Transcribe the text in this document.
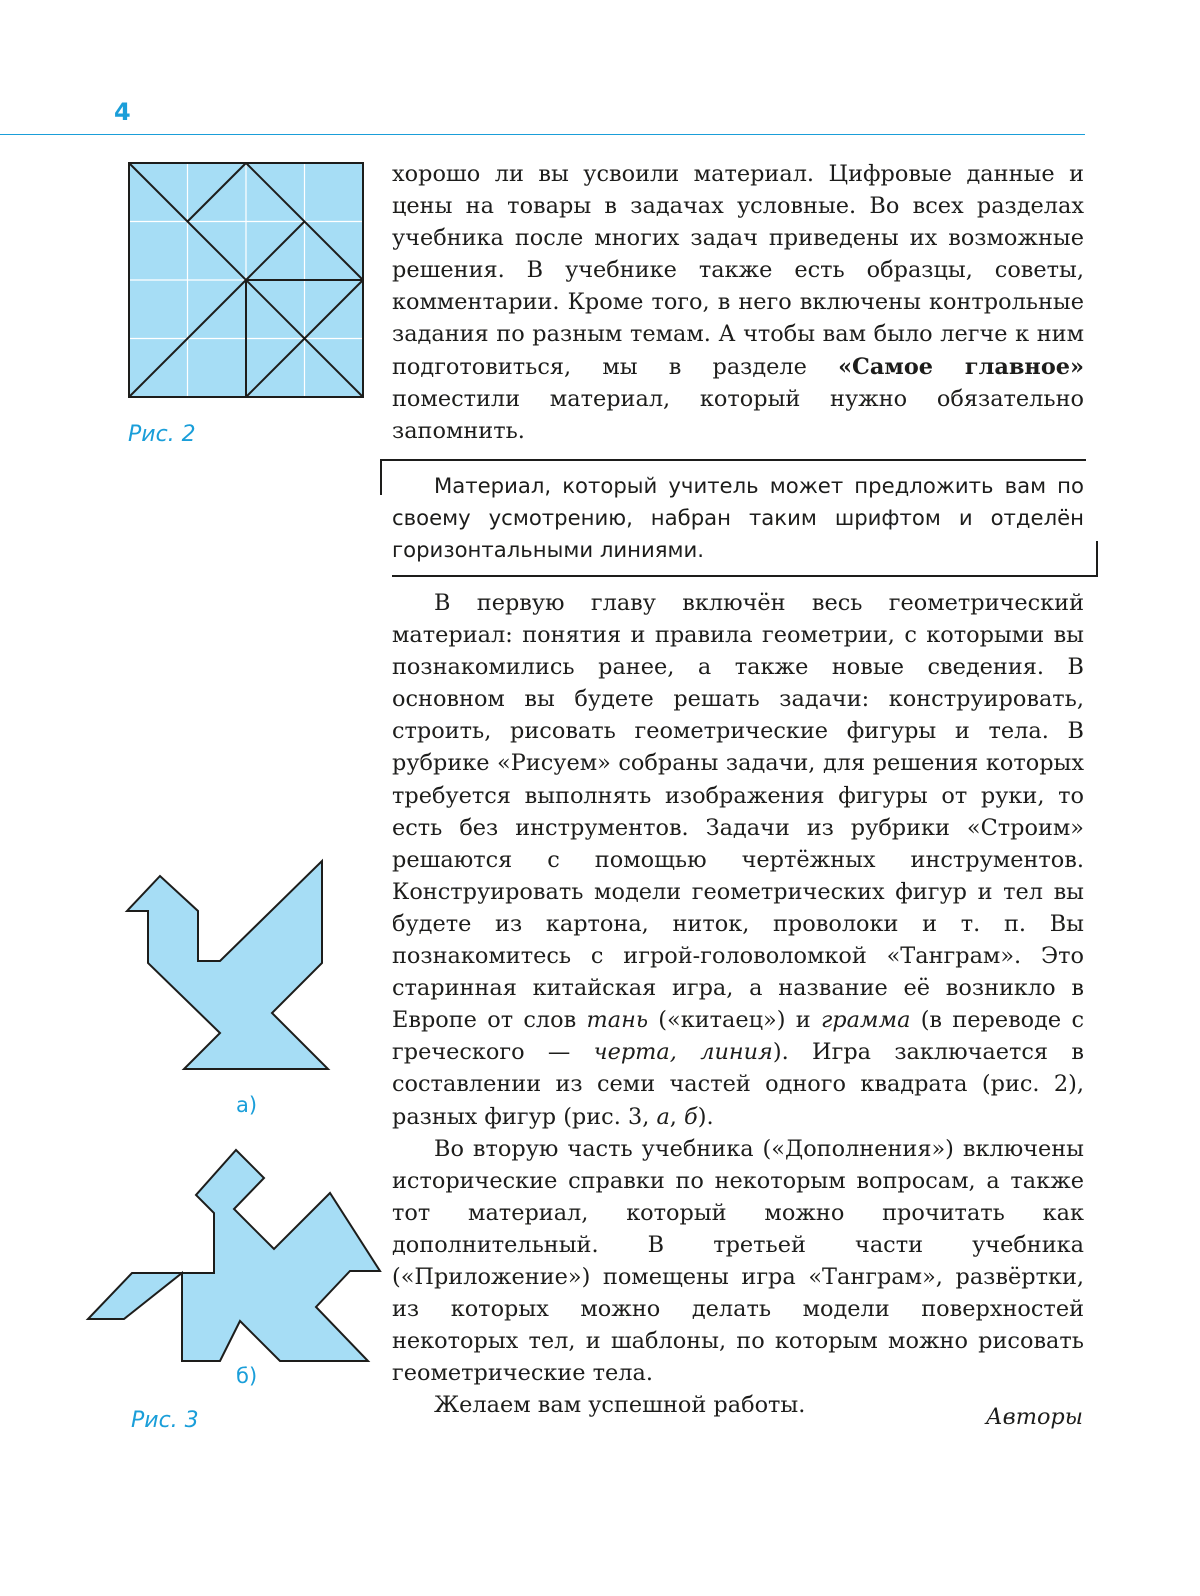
4
Рис. 2
а)
б)
Рис. 3

хорошо ли вы усвоили материал. Цифровые данные и цены на товары в задачах условные. Во всех разделах учебника после многих задач приведены их возможные решения. В учебнике также есть образцы, советы, комментарии. Кроме того, в него включены контрольные задания по разным темам. А чтобы вам было легче к ним подготовиться, мы в разделе «Самое главное» поместили материал, который нужно обязательно запомнить.

Материал, который учитель может предложить вам по своему усмотрению, набран таким шрифтом и отделён горизонтальными линиями.

В первую главу включён весь геометрический материал: понятия и правила геометрии, с которыми вы познакомились ранее, а также новые сведения. В основном вы будете решать задачи: конструировать, строить, рисовать геометрические фигуры и тела. В рубрике «Рисуем» собраны задачи, для решения которых требуется выполнять изображения фигуры от руки, то есть без инструментов. Задачи из рубрики «Строим» решаются с помощью чертёжных инструментов. Конструировать модели геометрических фигур и тел вы будете из картона, ниток, проволоки и т. п. Вы познакомитесь с игрой-головоломкой «Танграм». Это старинная китайская игра, а название её возникло в Европе от слов тань («китаец») и грамма (в переводе с греческого — черта, линия). Игра заключается в составлении из семи частей одного квадрата (рис. 2), разных фигур (рис. 3, а, б).

Во вторую часть учебника («Дополнения») включены исторические справки по некоторым вопросам, а также тот материал, который можно прочитать как дополнительный. В третьей части учебника («Приложение») помещены игра «Танграм», развёртки, из которых можно делать модели поверхностей некоторых тел, и шаблоны, по которым можно рисовать геометрические тела.

Желаем вам успешной работы.	Авторы
